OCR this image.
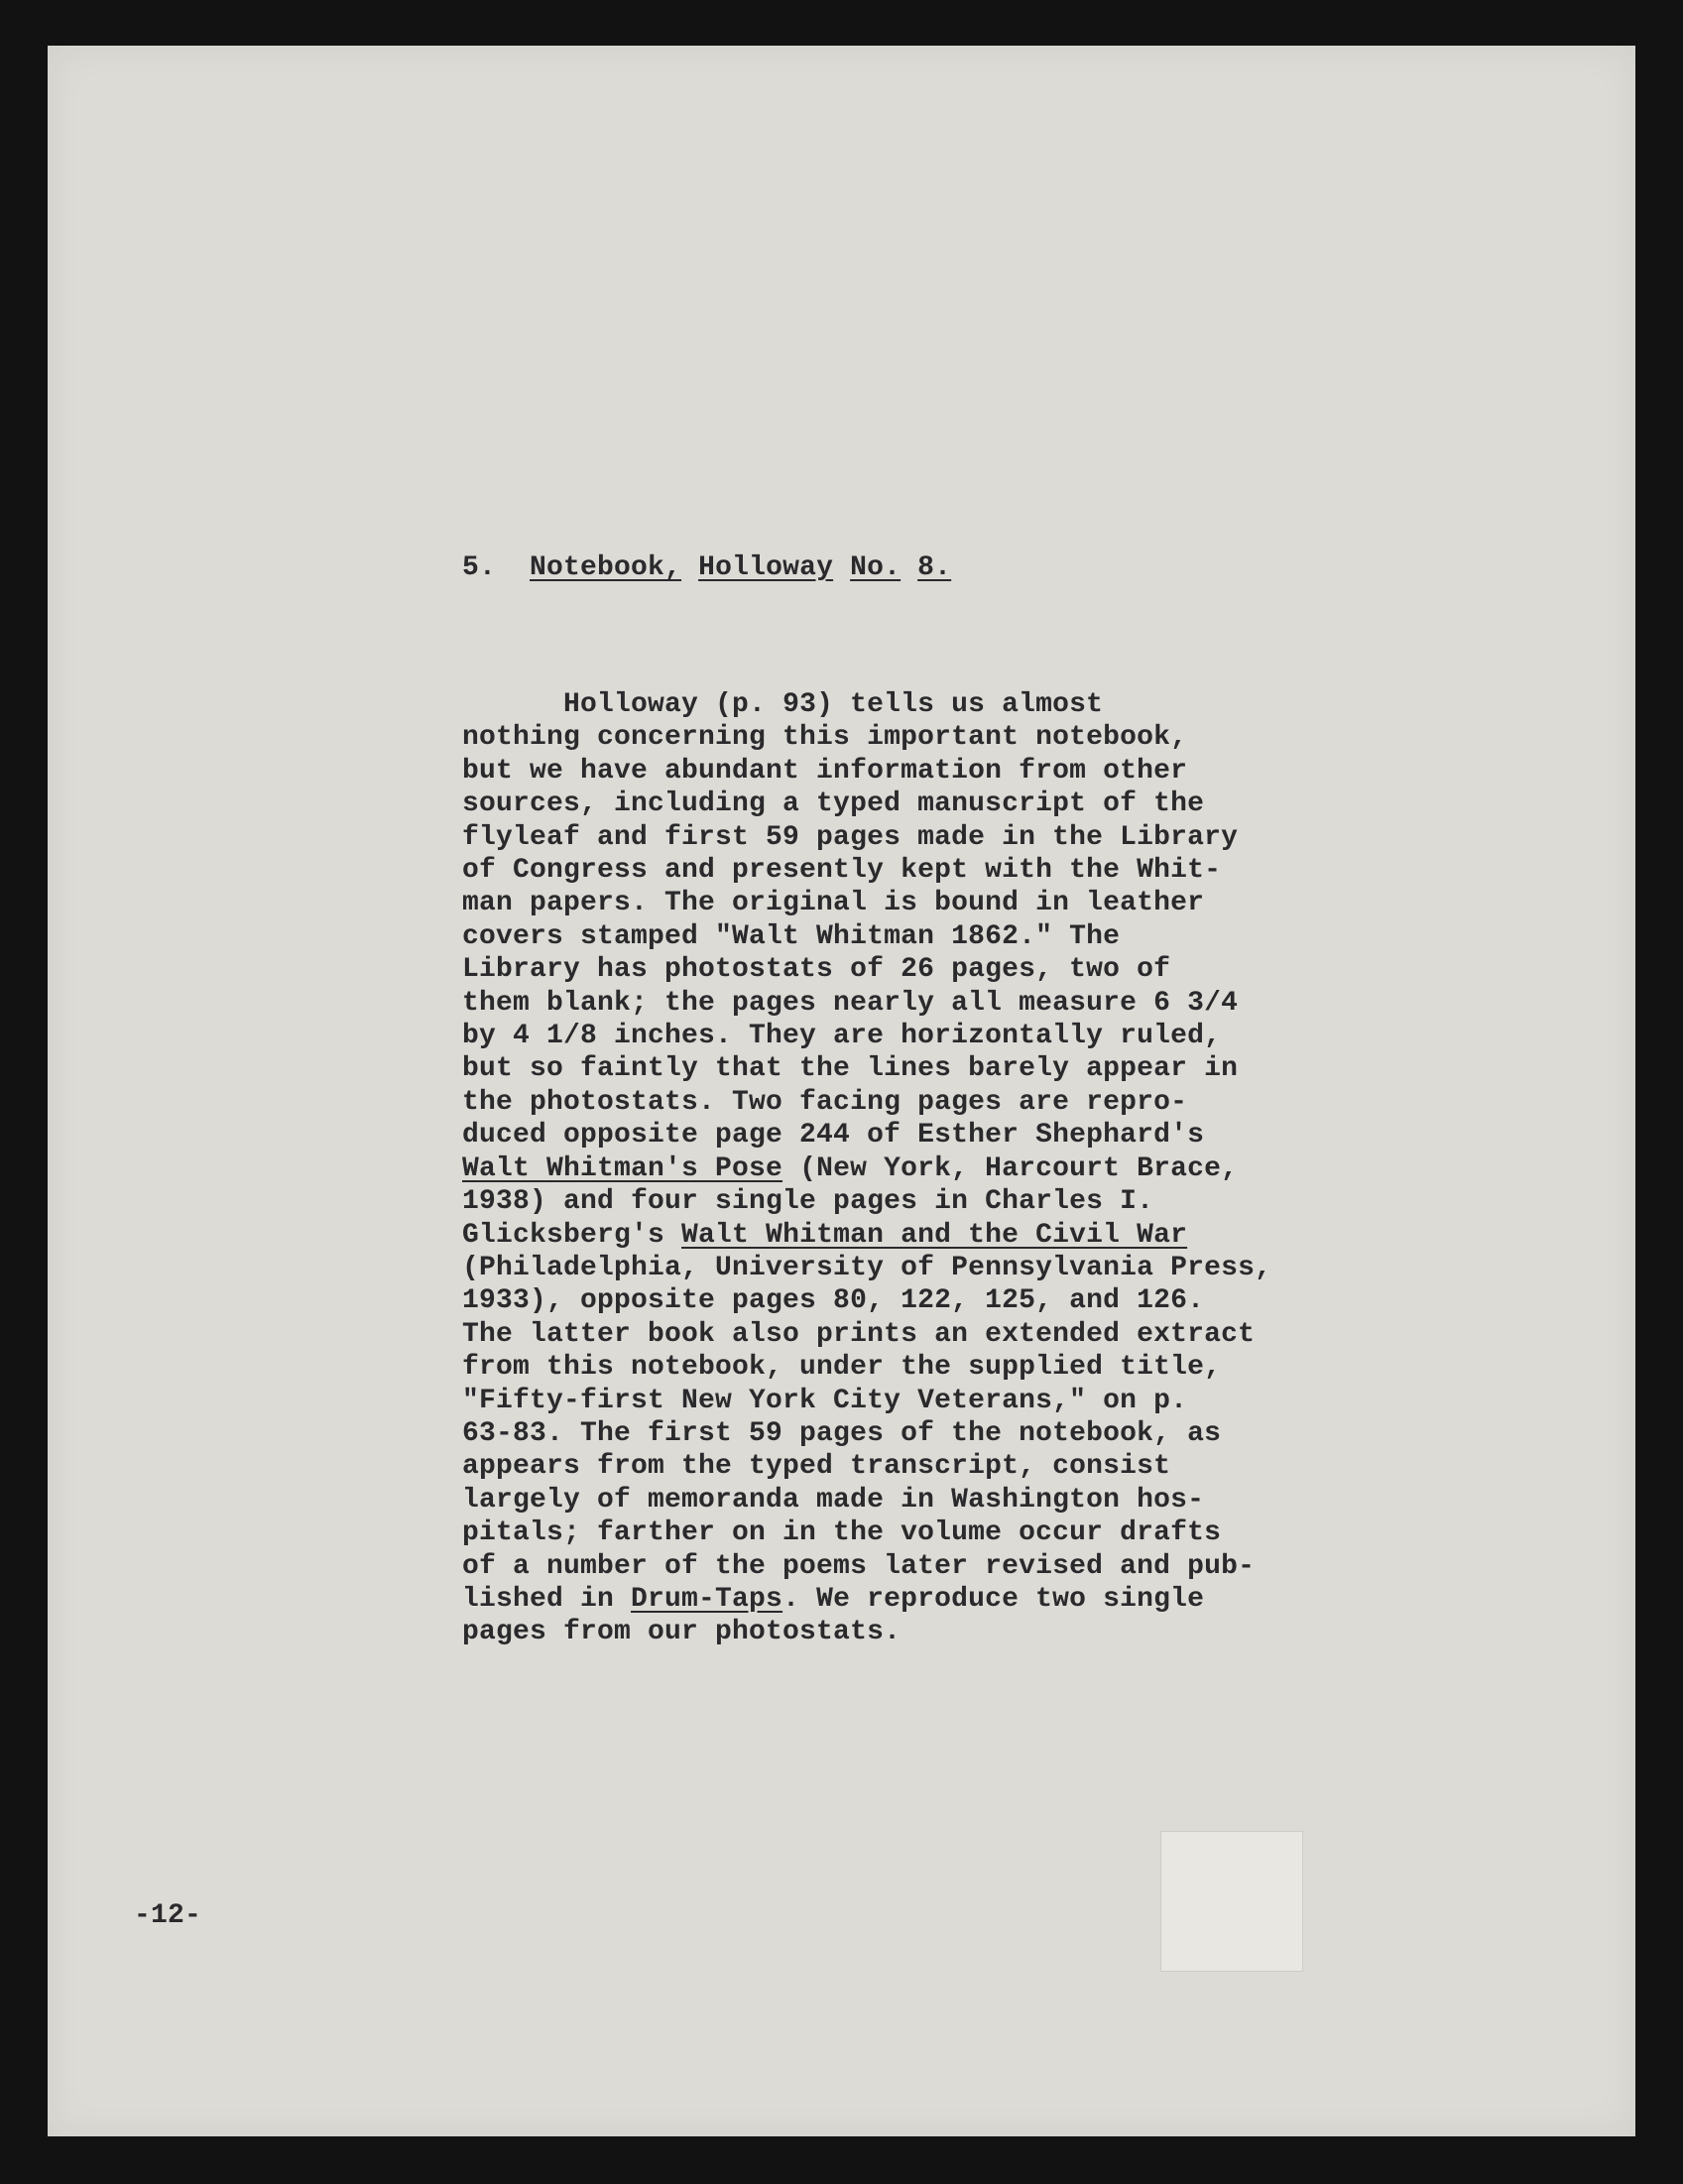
5. Notebook, Holloway No. 8.
Holloway (p. 93) tells us almost
nothing concerning this important notebook,
but we have abundant information from other
sources, including a typed manuscript of the
flyleaf and first 59 pages made in the Library
of Congress and presently kept with the Whit-
man papers. The original is bound in leather
covers stamped "Walt Whitman 1862." The
Library has photostats of 26 pages, two of
them blank; the pages nearly all measure 6 3/4
by 4 1/8 inches. They are horizontally ruled,
but so faintly that the lines barely appear in
the photostats. Two facing pages are repro-
duced opposite page 244 of Esther Shephard's
Walt Whitman's Pose (New York, Harcourt Brace,
1938) and four single pages in Charles I.
Glicksberg's Walt Whitman and the Civil War
(Philadelphia, University of Pennsylvania Press,
1933), opposite pages 80, 122, 125, and 126.
The latter book also prints an extended extract
from this notebook, under the supplied title,
"Fifty-first New York City Veterans," on p.
63-83. The first 59 pages of the notebook, as
appears from the typed transcript, consist
largely of memoranda made in Washington hos-
pitals; farther on in the volume occur drafts
of a number of the poems later revised and pub-
lished in Drum-Taps. We reproduce two single
pages from our photostats.
-12-
